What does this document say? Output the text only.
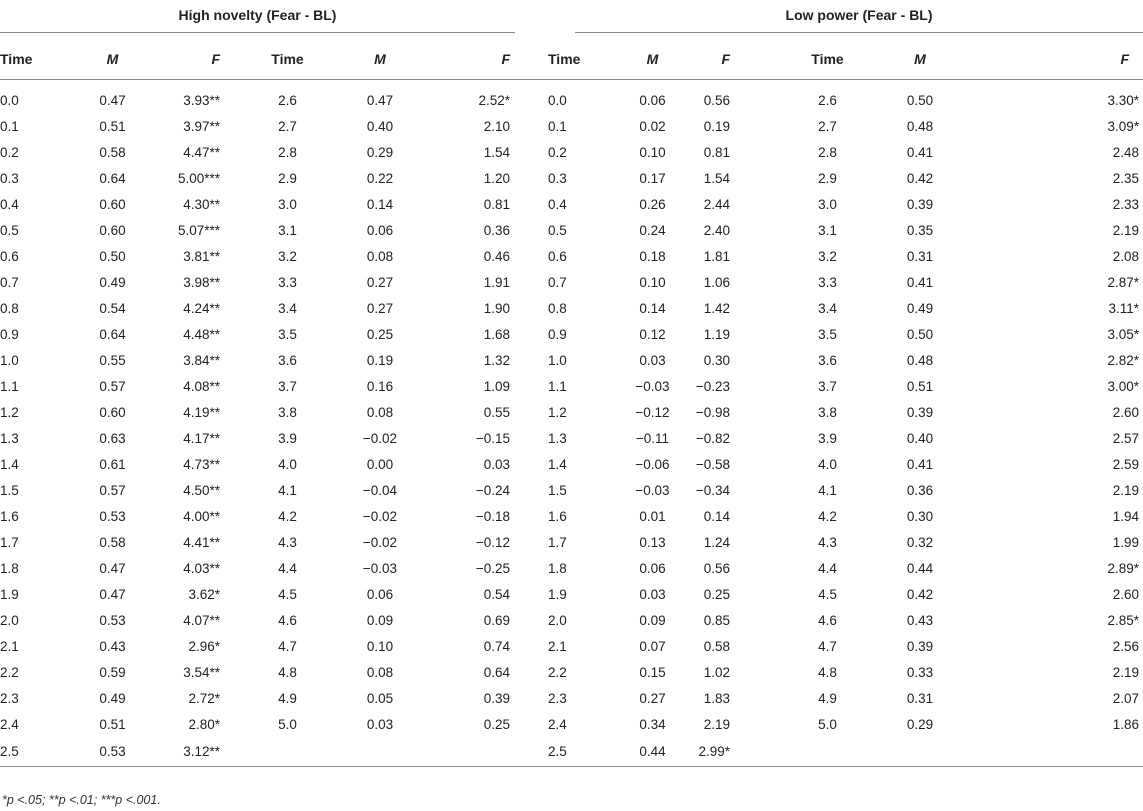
High novelty (Fear - BL)						Low power (Fear - BL)					

Time	M	F	Time	M	F	Time	M	F	Time	M	F
0.0	0.47	3.93**	2.6	0.47	2.52*	0.0	0.06	0.56	2.6	0.50	3.30*
0.1	0.51	3.97**	2.7	0.40	2.10	0.1	0.02	0.19	2.7	0.48	3.09*
0.2	0.58	4.47**	2.8	0.29	1.54	0.2	0.10	0.81	2.8	0.41	2.48
0.3	0.64	5.00***	2.9	0.22	1.20	0.3	0.17	1.54	2.9	0.42	2.35
0.4	0.60	4.30**	3.0	0.14	0.81	0.4	0.26	2.44	3.0	0.39	2.33
0.5	0.60	5.07***	3.1	0.06	0.36	0.5	0.24	2.40	3.1	0.35	2.19
0.6	0.50	3.81**	3.2	0.08	0.46	0.6	0.18	1.81	3.2	0.31	2.08
0.7	0.49	3.98**	3.3	0.27	1.91	0.7	0.10	1.06	3.3	0.41	2.87*
0.8	0.54	4.24**	3.4	0.27	1.90	0.8	0.14	1.42	3.4	0.49	3.11*
0.9	0.64	4.48**	3.5	0.25	1.68	0.9	0.12	1.19	3.5	0.50	3.05*
1.0	0.55	3.84**	3.6	0.19	1.32	1.0	0.03	0.30	3.6	0.48	2.82*
1.1	0.57	4.08**	3.7	0.16	1.09	1.1	−0.03	−0.23	3.7	0.51	3.00*
1.2	0.60	4.19**	3.8	0.08	0.55	1.2	−0.12	−0.98	3.8	0.39	2.60
1.3	0.63	4.17**	3.9	−0.02	−0.15	1.3	−0.11	−0.82	3.9	0.40	2.57
1.4	0.61	4.73**	4.0	0.00	0.03	1.4	−0.06	−0.58	4.0	0.41	2.59
1.5	0.57	4.50**	4.1	−0.04	−0.24	1.5	−0.03	−0.34	4.1	0.36	2.19
1.6	0.53	4.00**	4.2	−0.02	−0.18	1.6	0.01	0.14	4.2	0.30	1.94
1.7	0.58	4.41**	4.3	−0.02	−0.12	1.7	0.13	1.24	4.3	0.32	1.99
1.8	0.47	4.03**	4.4	−0.03	−0.25	1.8	0.06	0.56	4.4	0.44	2.89*
1.9	0.47	3.62*	4.5	0.06	0.54	1.9	0.03	0.25	4.5	0.42	2.60
2.0	0.53	4.07**	4.6	0.09	0.69	2.0	0.09	0.85	4.6	0.43	2.85*
2.1	0.43	2.96*	4.7	0.10	0.74	2.1	0.07	0.58	4.7	0.39	2.56
2.2	0.59	3.54**	4.8	0.08	0.64	2.2	0.15	1.02	4.8	0.33	2.19
2.3	0.49	2.72*	4.9	0.05	0.39	2.3	0.27	1.83	4.9	0.31	2.07
2.4	0.51	2.80*	5.0	0.03	0.25	2.4	0.34	2.19	5.0	0.29	1.86
2.5	0.53	3.12**				2.5	0.44	2.99*			
*p <.05; **p <.01; ***p <.001.
